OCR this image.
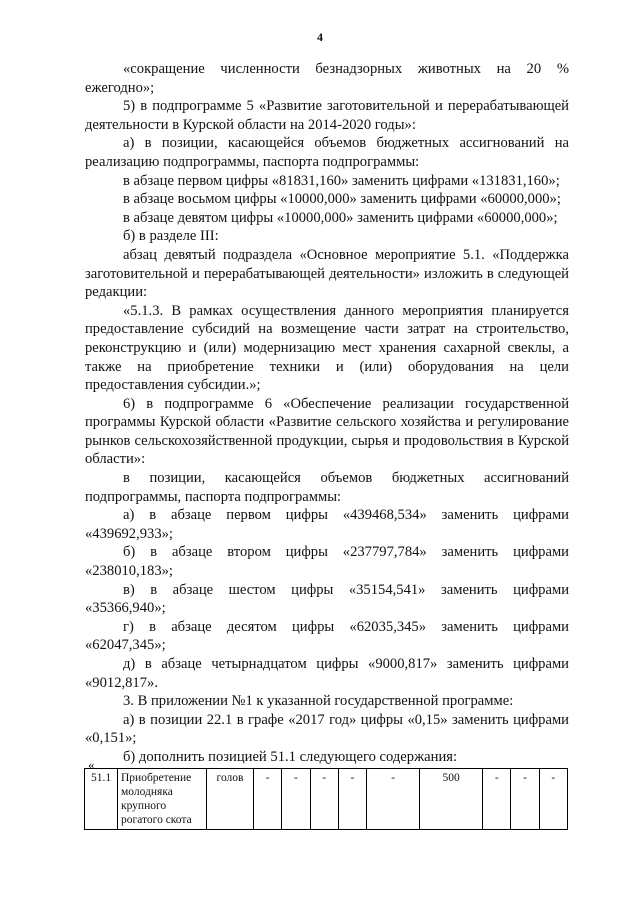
4

«сокращение численности безнадзорных животных на 20 % ежегодно»;

5) в подпрограмме 5 «Развитие заготовительной и перерабатывающей деятельности в Курской области на 2014-2020 годы»:

а) в позиции, касающейся объемов бюджетных ассигнований на реализацию подпрограммы, паспорта подпрограммы:

в абзаце первом цифры «81831,160» заменить цифрами «131831,160»;

в абзаце восьмом цифры «10000,000» заменить цифрами «60000,000»;

в абзаце девятом цифры «10000,000» заменить цифрами «60000,000»;

б) в разделе III:

абзац девятый подраздела «Основное мероприятие 5.1. «Поддержка заготовительной и перерабатывающей деятельности» изложить в следующей редакции:

«5.1.3. В рамках осуществления данного мероприятия планируется предоставление субсидий на возмещение части затрат на строительство, реконструкцию и (или) модернизацию мест хранения сахарной свеклы, а также на приобретение техники и (или) оборудования на цели предоставления субсидии.»;

6) в подпрограмме 6 «Обеспечение реализации государственной программы Курской области «Развитие сельского хозяйства и регулирование рынков сельскохозяйственной продукции, сырья и продовольствия в Курской области»:

в позиции, касающейся объемов бюджетных ассигнований подпрограммы, паспорта подпрограммы:

а) в абзаце первом цифры «439468,534» заменить цифрами «439692,933»;

б) в абзаце втором цифры «237797,784» заменить цифрами «238010,183»;

в) в абзаце шестом цифры «35154,541» заменить цифрами «35366,940»;

г) в абзаце десятом цифры «62035,345» заменить цифрами «62047,345»;

д) в абзаце четырнадцатом цифры «9000,817» заменить цифрами «9012,817».

3. В приложении №1 к указанной государственной программе:

а) в позиции 22.1 в графе «2017 год» цифры «0,15» заменить цифрами «0,151»;

б) дополнить позицией 51.1 следующего содержания:

«
51.1	Приобретение молодняка крупного рогатого скота	голов	-	-	-	-	-	500	-	-	-
